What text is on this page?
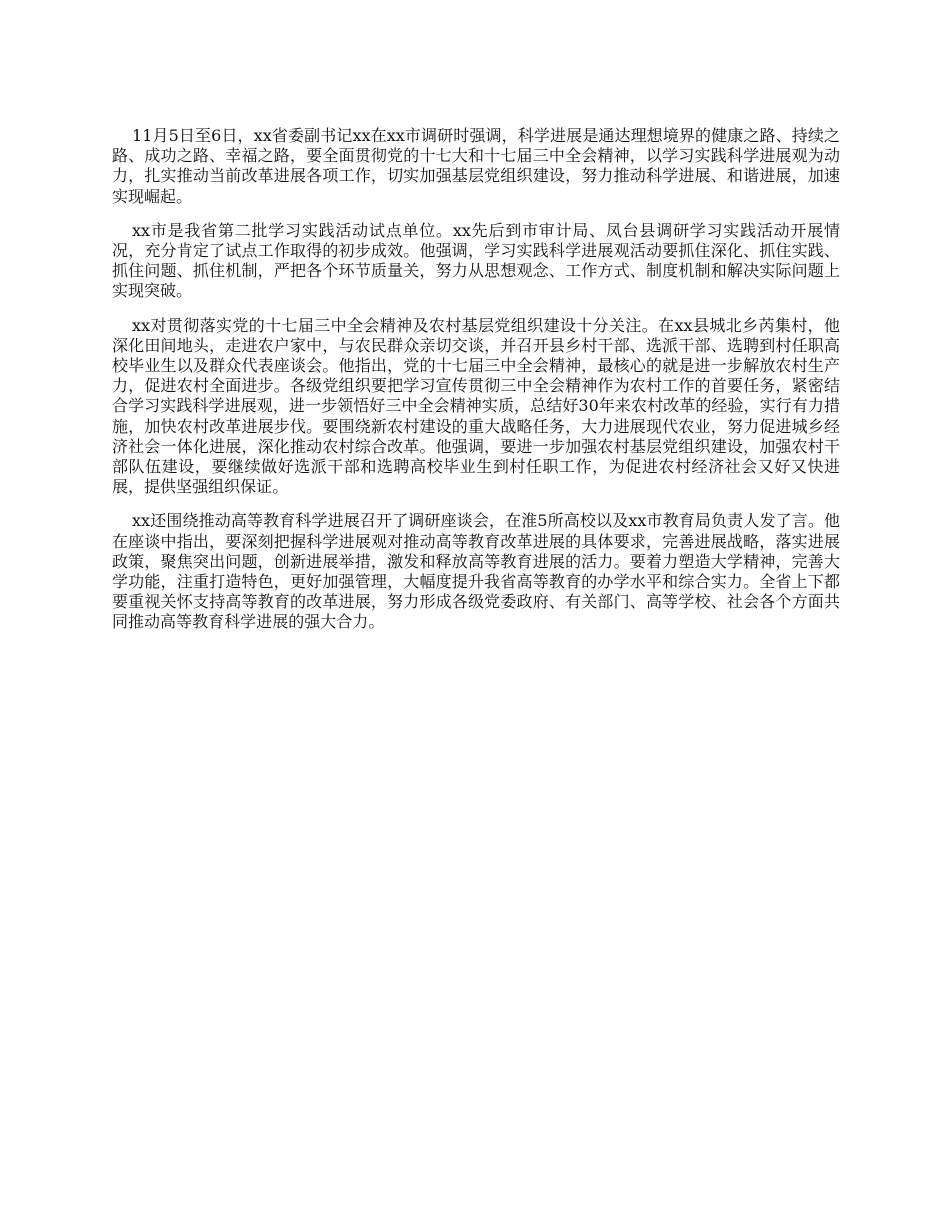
11月5日至6日，xx省委副书记xx在xx市调研时强调，科学进展是通达理想境界的健康之路、持续之路、成功之路、幸福之路，要全面贯彻党的十七大和十七届三中全会精神，以学习实践科学进展观为动力，扎实推动当前改革进展各项工作，切实加强基层党组织建设，努力推动科学进展、和谐进展，加速实现崛起。

xx市是我省第二批学习实践活动试点单位。xx先后到市审计局、凤台县调研学习实践活动开展情况，充分肯定了试点工作取得的初步成效。他强调，学习实践科学进展观活动要抓住深化、抓住实践、抓住问题、抓住机制，严把各个环节质量关，努力从思想观念、工作方式、制度机制和解决实际问题上实现突破。

xx对贯彻落实党的十七届三中全会精神及农村基层党组织建设十分关注。在xx县城北乡芮集村，他深化田间地头，走进农户家中，与农民群众亲切交谈，并召开县乡村干部、选派干部、选聘到村任职高校毕业生以及群众代表座谈会。他指出，党的十七届三中全会精神，最核心的就是进一步解放农村生产力，促进农村全面进步。各级党组织要把学习宣传贯彻三中全会精神作为农村工作的首要任务，紧密结合学习实践科学进展观，进一步领悟好三中全会精神实质，总结好30年来农村改革的经验，实行有力措施，加快农村改革进展步伐。要围绕新农村建设的重大战略任务，大力进展现代农业，努力促进城乡经济社会一体化进展，深化推动农村综合改革。他强调，要进一步加强农村基层党组织建设，加强农村干部队伍建设，要继续做好选派干部和选聘高校毕业生到村任职工作，为促进农村经济社会又好又快进展，提供坚强组织保证。

xx还围绕推动高等教育科学进展召开了调研座谈会，在淮5所高校以及xx市教育局负责人发了言。他在座谈中指出，要深刻把握科学进展观对推动高等教育改革进展的具体要求，完善进展战略，落实进展政策，聚焦突出问题，创新进展举措，激发和释放高等教育进展的活力。要着力塑造大学精神，完善大学功能，注重打造特色，更好加强管理，大幅度提升我省高等教育的办学水平和综合实力。全省上下都要重视关怀支持高等教育的改革进展，努力形成各级党委政府、有关部门、高等学校、社会各个方面共同推动高等教育科学进展的强大合力。
